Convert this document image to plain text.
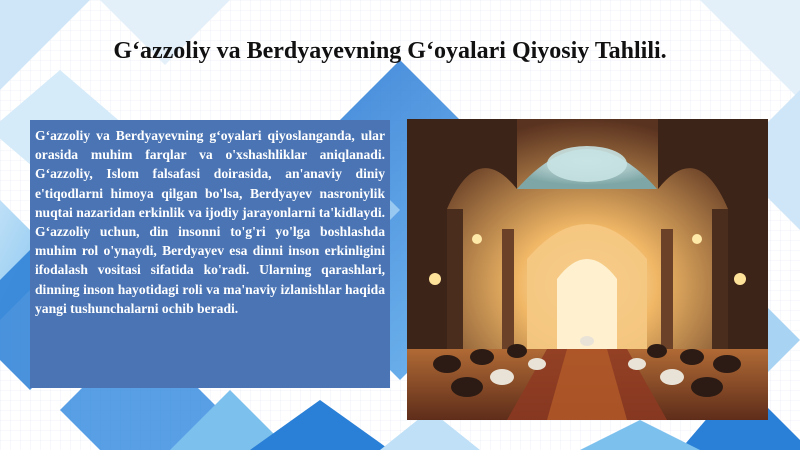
G‘azzoliy va Berdyayevning G‘oyalari Qiyosiy Tahlili.

G‘azzoliy va Berdyayevning g‘oyalari qiyoslanganda, ular orasida muhim farqlar va o'xshashliklar aniqlanadi. G‘azzoliy, Islom falsafasi doirasida, an'anaviy diniy e'tiqodlarni himoya qilgan bo'lsa, Berdyayev nasroniylik nuqtai nazaridan erkinlik va ijodiy jarayonlarni ta'kidlaydi. G‘azzoliy uchun, din insonni to'g'ri yo'lga boshlashda muhim rol o'ynaydi, Berdyayev esa dinni inson erkinligini ifodalash vositasi sifatida ko'radi. Ularning qarashlari, dinning inson hayotidagi roli va ma'naviy izlanishlar haqida yangi tushunchalarni ochib beradi.
